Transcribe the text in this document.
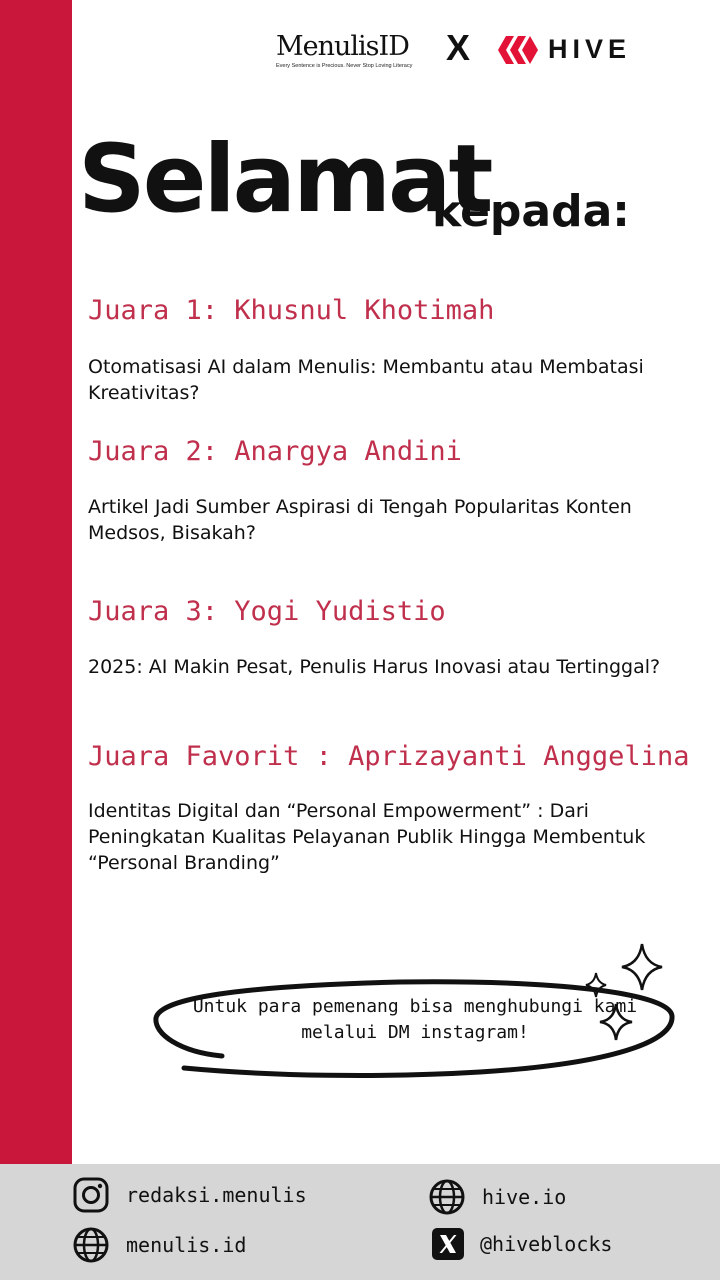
MenulisID
Every Sentence is Precious. Never Stop Loving Literacy X	HIVE
Selamat
kepada:
Juara 1: Khusnul Khotimah
Otomatisasi AI dalam Menulis: Membantu atau Membatasi Kreativitas?
Juara 2: Anargya Andini
Artikel Jadi Sumber Aspirasi di Tengah Popularitas Konten Medsos, Bisakah?
Juara 3: Yogi Yudistio
2025: AI Makin Pesat, Penulis Harus Inovasi atau Tertinggal?
Juara Favorit : Aprizayanti Anggelina
Identitas Digital dan “Personal Empowerment” : Dari Peningkatan Kualitas Pelayanan Publik Hingga Membentuk “Personal Branding”
Untuk para pemenang bisa menghubungi kami melalui DM instagram!
redaksi.menulis
menulis.id
hive.io
@hiveblocks
